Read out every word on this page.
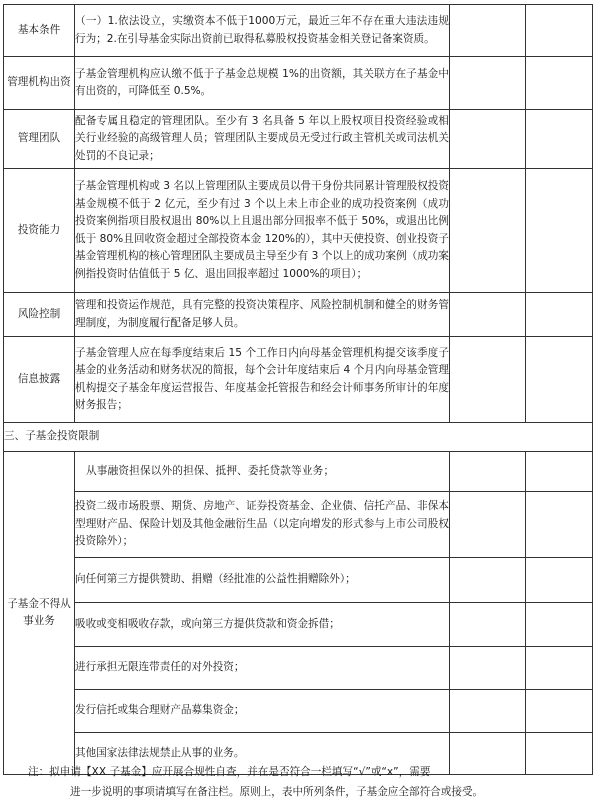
基本条件	（一）1.依法设立，实缴资本不低于1000万元，最近三年不存在重大违法违规行为；2.在引导基金实际出资前已取得私募股权投资基金相关登记备案资质。		
管理机构出资	子基金管理机构应认缴不低于子基金总规模 1%的出资额，其关联方在子基金中有出资的，可降低至 0.5%。		
管理团队	配备专属且稳定的管理团队。至少有 3 名具备 5 年以上股权项目投资经验或相关行业经验的高级管理人员；管理团队主要成员无受过行政主管机关或司法机关处罚的不良记录；		
投资能力	子基金管理机构或 3 名以上管理团队主要成员以骨干身份共同累计管理股权投资基金规模不低于 2 亿元，至少有过 3 个以上未上市企业的成功投资案例（成功投资案例指项目股权退出 80%以上且退出部分回报率不低于 50%，或退出比例低于 80%且回收资金超过全部投资本金 120%的），其中天使投资、创业投资子基金管理机构的核心管理团队主要成员主导至少有 3 个以上的成功案例（成功案例指投资时估值低于 5 亿、退出回报率超过 1000%的项目）；		
风险控制	管理和投资运作规范，具有完整的投资决策程序、风险控制机制和健全的财务管理制度，为制度履行配备足够人员。		
信息披露	子基金管理人应在每季度结束后 15 个工作日内向母基金管理机构提交该季度子基金的业务活动和财务状况的简报，每个会计年度结束后 4 个月内向母基金管理机构提交子基金年度运营报告、年度基金托管报告和经会计师事务所审计的年度财务报告；		
三、子基金投资限制			
子基金不得从事业务	从事融资担保以外的担保、抵押、委托贷款等业务；		
	投资二级市场股票、期货、房地产、证券投资基金、企业债、信托产品、非保本型理财产品、保险计划及其他金融衍生品（以定向增发的形式参与上市公司股权投资除外）；		
	向任何第三方提供赞助、捐赠（经批准的公益性捐赠除外）；		
	吸收或变相吸收存款，或向第三方提供贷款和资金拆借；		
	进行承担无限连带责任的对外投资；		
	发行信托或集合理财产品募集资金；		
	其他国家法律法规禁止从事的业务。		
注：拟申请【XX 子基金】应开展合规性自查，并在是否符合一栏填写“√”或“x”，需要
进一步说明的事项请填写在备注栏。原则上，表中所列条件，子基金应全部符合或接受。
